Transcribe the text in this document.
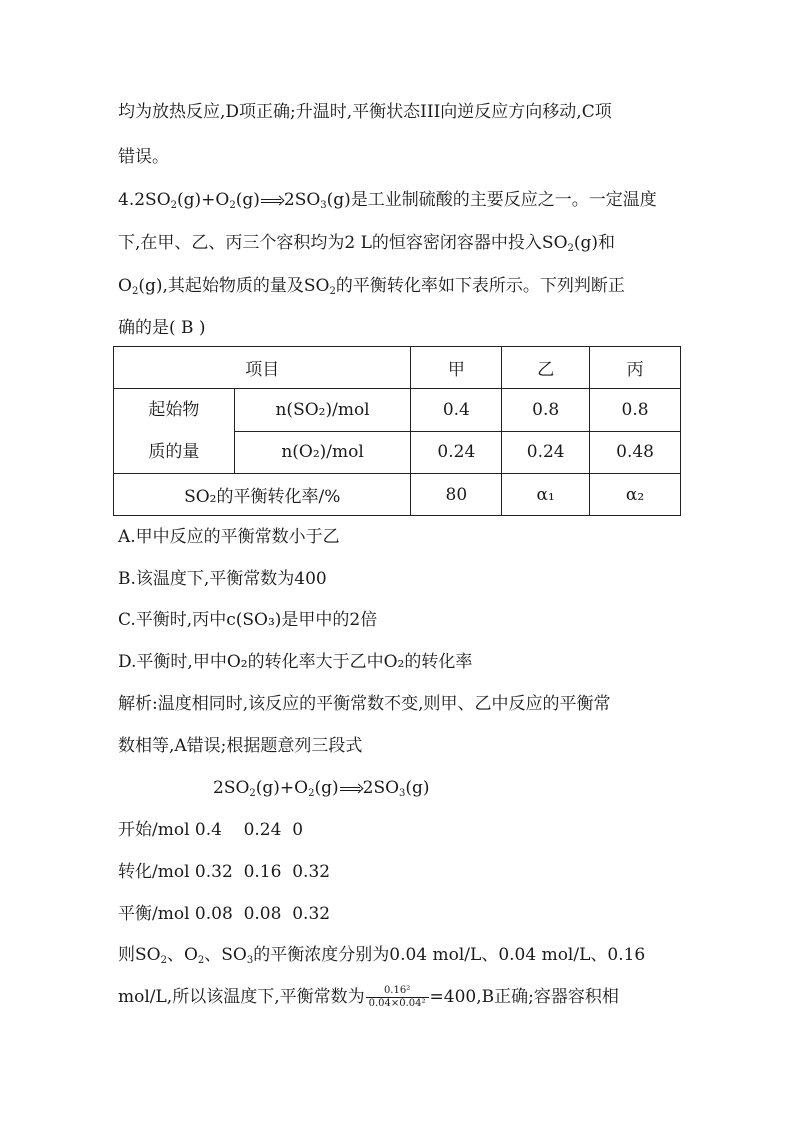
均为放热反应,D项正确;升温时,平衡状态III向逆反应方向移动,C项
错误。
$4.2SO_2(g)+O_2(g)\to 2SO_3(g)$是工业制硫酸的主要反应之一。一定温度
下,在甲、乙、丙三个容积均为2 L的恒容密闭容器中投入$SO_2(g)$和
$O_2(g)$,其起始物质的量及$SO_2$的平衡转化率如下表所示。下列判断正
确的是( B )
项目		甲	乙	丙
起始物
质的量	n(SO₂)/mol	0.4	0.8	0.8
	n(O₂)/mol	0.24	0.24	0.48
SO₂的平衡转化率/%		80	α₁	α₂
A.甲中反应的平衡常数小于乙
B.该温度下,平衡常数为400
C.平衡时,丙中c(SO₃)是甲中的2倍
D.平衡时,甲中O₂的转化率大于乙中O₂的转化率
解析:温度相同时,该反应的平衡常数不变,则甲、乙中反应的平衡常
数相等,A错误;根据题意列三段式
$2SO_2(g)+O_2(g)\to 2SO_3(g)$
开始/mol 0.4    0.24  0
转化/mol 0.32  0.16  0.32
平衡/mol 0.08  0.08  0.32
则$SO_2$、$O_2$、$SO_3$的平衡浓度分别为0.04 mol/L、0.04 mol/L、0.16
mol/L,所以该温度下,平衡常数为 $\frac{\text{0.16²}}{\text{0.04×0.04²}} =400,B$正确;容器容积相
